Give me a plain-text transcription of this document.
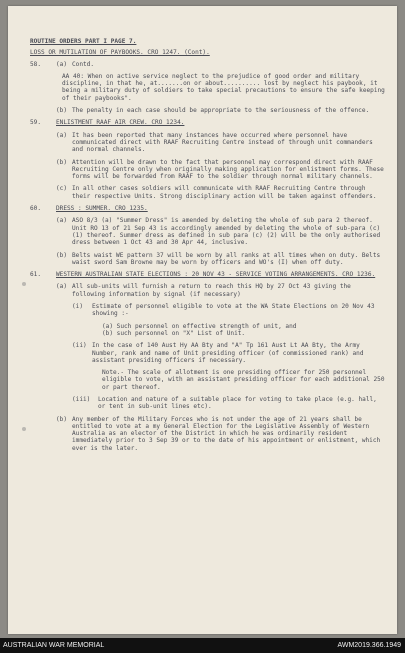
ROUTINE ORDERS PART I PAGE 7.
LOSS OR MUTILATION OF PAYBOOKS. CRO 1247. (Cont).
58.	(a) Contd.
AA 40: When on active service neglect to the prejudice of good order and military discipline, in that he, at.......on or about.......... lost by neglect his paybook, it being a military duty of soldiers to take special precautions to ensure the safe keeping of their paybooks".
(b) The penalty in each case should be appropriate to the seriousness of the offence.
59.	ENLISTMENT RAAF AIR CREW. CRO 1234.
(a) It has been reported that many instances have occurred where personnel have communicated direct with RAAF Recruiting Centre instead of through unit commanders and normal channels.
(b) Attention will be drawn to the fact that personnel may correspond direct with RAAF Recruiting Centre only when originally making application for enlistment forms. These forms will be forwarded from RAAF to the soldier through normal military channels.
(c) In all other cases soldiers will communicate with RAAF Recruiting Centre through their respective Units. Strong disciplinary action will be taken against offenders.
60.	DRESS : SUMMER. CRO 1235.
(a) ASO 8/3 (a) "Summer Dress" is amended by deleting the whole of sub para 2 thereof. Unit RO 13 of 21 Sep 43 is accordingly amended by deleting the whole of sub-para (c) (1) thereof. Summer dress as defined in sub para (c) (2) will be the only authorised dress between 1 Oct 43 and 30 Apr 44, inclusive.
(b) Belts waist WE pattern 37 will be worn by all ranks at all times when on duty. Belts waist sword Sam Browne may be worn by officers and WO's (I) when off duty.
61.	WESTERN AUSTRALIAN STATE ELECTIONS : 20 NOV 43 - SERVICE VOTING ARRANGEMENTS. CRO 1236.
(a) All sub-units will furnish a return to reach this HQ by 27 Oct 43 giving the following information by signal (if necessary)
(i)	Estimate of personnel eligible to vote at the WA State Elections on 20 Nov 43 showing :-
(a) Such personnel on effective strength of unit, and
(b) such personnel on "X" List of Unit.
(ii) In the case of 140 Aust Hy AA Bty and "A" Tp 161 Aust Lt AA Bty, the Army Number, rank and name of Unit presiding officer (of commissioned rank) and assistant presiding officers if necessary.
Note.- The scale of allotment is one presiding officer for 250 personnel eligible to vote, with an assistant presiding officer for each additional 250 or part thereof.
(iii)	Location and nature of a suitable place for voting to take place (e.g. hall, or tent in sub-unit lines etc).
(b) Any member of the Military Forces who is not under the age of 21 years shall be entitled to vote at a my General Election for the Legislative Assembly of Western Australia as an elector of the District in which he was ordinarily resident immediately prior to 3 Sep 39 or to the date of his appointment or enlistment, which ever is the later.
AUSTRALIAN WAR MEMORIAL	AWM2019.366.1949
